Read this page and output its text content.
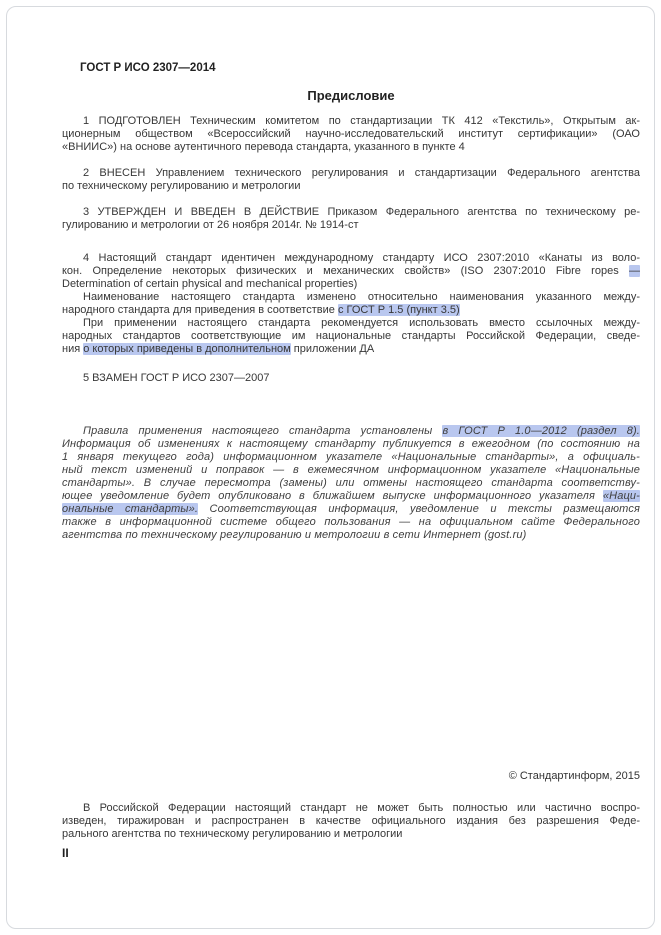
ГОСТ Р ИСО 2307—2014
Предисловие
1 ПОДГОТОВЛЕН Техническим комитетом по стандартизации ТК 412 «Текстиль», Открытым ак-
ционерным обществом «Всероссийский научно-исследовательский институт сертификации» (ОАО
«ВНИИС») на основе аутентичного перевода стандарта, указанного в пункте 4
2 ВНЕСЕН Управлением технического регулирования и стандартизации Федерального агентства
по техническому регулированию и метрологии
3 УТВЕРЖДЕН И ВВЕДЕН В ДЕЙСТВИЕ Приказом Федерального агентства по техническому ре-
гулированию и метрологии от 26 ноября 2014г. № 1914-ст
4 Настоящий стандарт идентичен международному стандарту ИСО 2307:2010 «Канаты из воло-
кон. Определение некоторых физических и механических свойств» (ISO 2307:2010 Fibre ropes —
Determination of certain physical and mechanical properties)
Наименование настоящего стандарта изменено относительно наименования указанного между-
народного стандарта для приведения в соответствие с ГОСТ Р 1.5 (пункт 3.5)
При применении настоящего стандарта рекомендуется использовать вместо ссылочных между-
народных стандартов соответствующие им национальные стандарты Российской Федерации, сведе-
ния о которых приведены в дополнительном приложении ДА
5 ВЗАМЕН ГОСТ Р ИСО 2307—2007
Правила применения настоящего стандарта установлены в ГОСТ Р 1.0—2012 (раздел 8).
Информация об изменениях к настоящему стандарту публикуется в ежегодном (по состоянию на
1 января текущего года) информационном указателе «Национальные стандарты», а официаль-
ный текст изменений и поправок — в ежемесячном информационном указателе «Национальные
стандарты». В случае пересмотра (замены) или отмены настоящего стандарта соответству-
ющее уведомление будет опубликовано в ближайшем выпуске информационного указателя «Наци-
ональные стандарты». Соответствующая информация, уведомление и тексты размещаются
также в информационной системе общего пользования — на официальном сайте Федерального
агентства по техническому регулированию и метрологии в сети Интернет (gost.ru)
© Стандартинформ, 2015
В Российской Федерации настоящий стандарт не может быть полностью или частично воспро-
изведен, тиражирован и распространен в качестве официального издания без разрешения Феде-
рального агентства по техническому регулированию и метрологии
II
